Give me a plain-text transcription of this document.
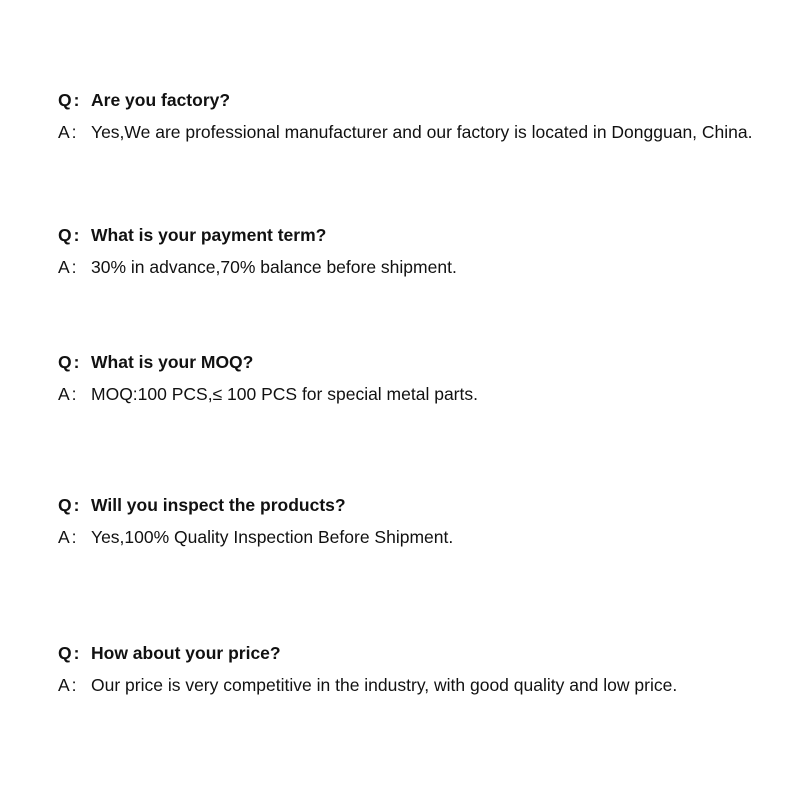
Q: Are you factory?
A: Yes,We are professional manufacturer and our factory is located in Dongguan, China.
Q: What is your payment term?
A: 30% in advance,70% balance before shipment.
Q: What is your MOQ?
A: MOQ:100 PCS,≤ 100 PCS for special metal parts.
Q: Will you inspect the products?
A: Yes,100% Quality Inspection Before Shipment.
Q: How about your price?
A: Our price is very competitive in the industry, with good quality and low price.
